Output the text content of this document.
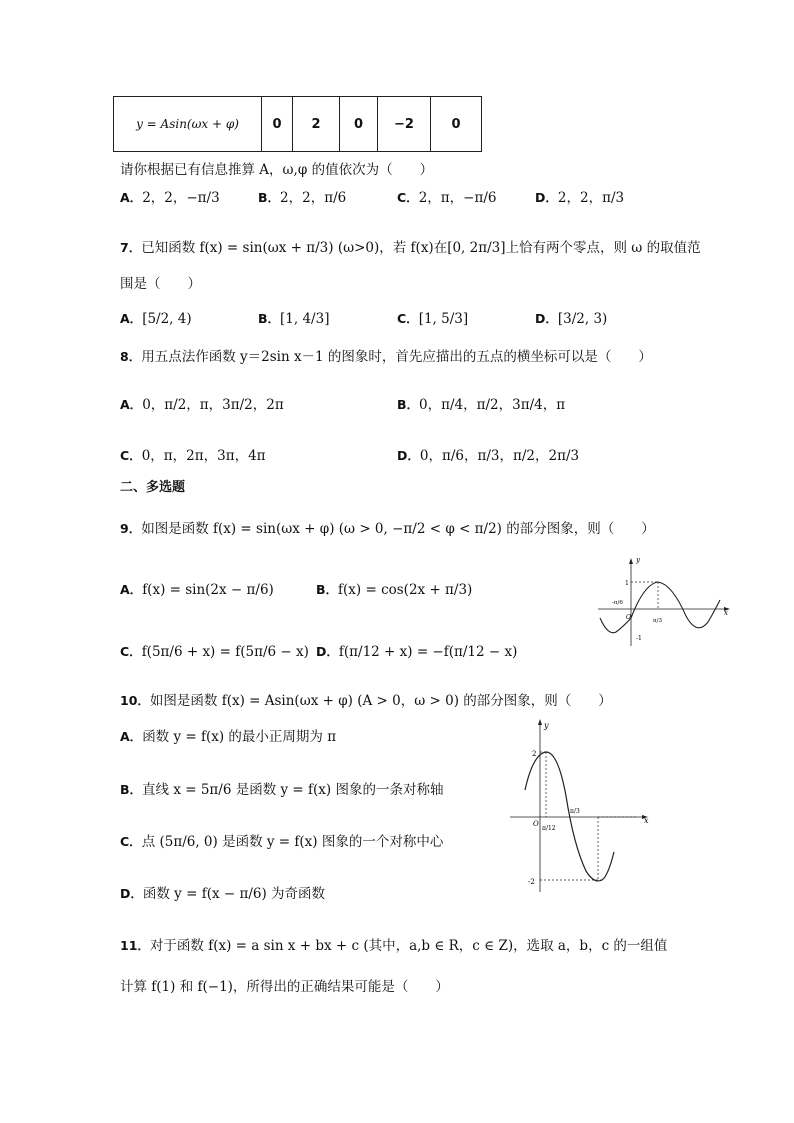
y = Asin(ωx + φ)	0	2	0	−2	0
请你根据已有信息推算 A，ω,φ 的值依次为（　　）
A．2，2，−π/3	B．2，2，π/6	C．2，π，−π/6	D．2，2，π/3
7．已知函数 f(x) = sin(ωx + π/3) (ω>0)，若 f(x)在[0, 2π/3]上恰有两个零点，则 ω 的取值范
围是（　　）
A．[5/2, 4)	B．[1, 4/3]	C．[1, 5/3]	D．[3/2, 3)
8．用五点法作函数 y＝2sin x－1 的图象时，首先应描出的五点的横坐标可以是（　　）
A．0，π/2，π，3π/2，2π	B．0，π/4，π/2，3π/4，π
C．0，π，2π，3π，4π	D．0，π/6，π/3，π/2，2π/3
二、多选题
9．如图是函数 f(x) = sin(ωx + φ) (ω > 0, −π/2 < φ < π/2) 的部分图象，则（　　）
A．f(x) = sin(2x − π/6)	B．f(x) = cos(2x + π/3)
C．f(5π/6 + x) = f(5π/6 − x) D．f(π/12 + x) = −f(π/12 − x)
y
x
O
1
-1
-π/6
π/3
10．如图是函数 f(x) = Asin(ωx + φ) (A > 0，ω > 0) 的部分图象，则（　　）
A．函数 y = f(x) 的最小正周期为 π
B．直线 x = 5π/6 是函数 y = f(x) 图象的一条对称轴
C．点 (5π/6, 0) 是函数 y = f(x) 图象的一个对称中心
D．函数 y = f(x − π/6) 为奇函数
y
x
O
2
-2
π/12
π/3
11．对于函数 f(x) = a sin x + bx + c (其中，a,b ∈ R，c ∈ Z)，选取 a，b，c 的一组值
计算 f(1) 和 f(−1)，所得出的正确结果可能是（　　）
